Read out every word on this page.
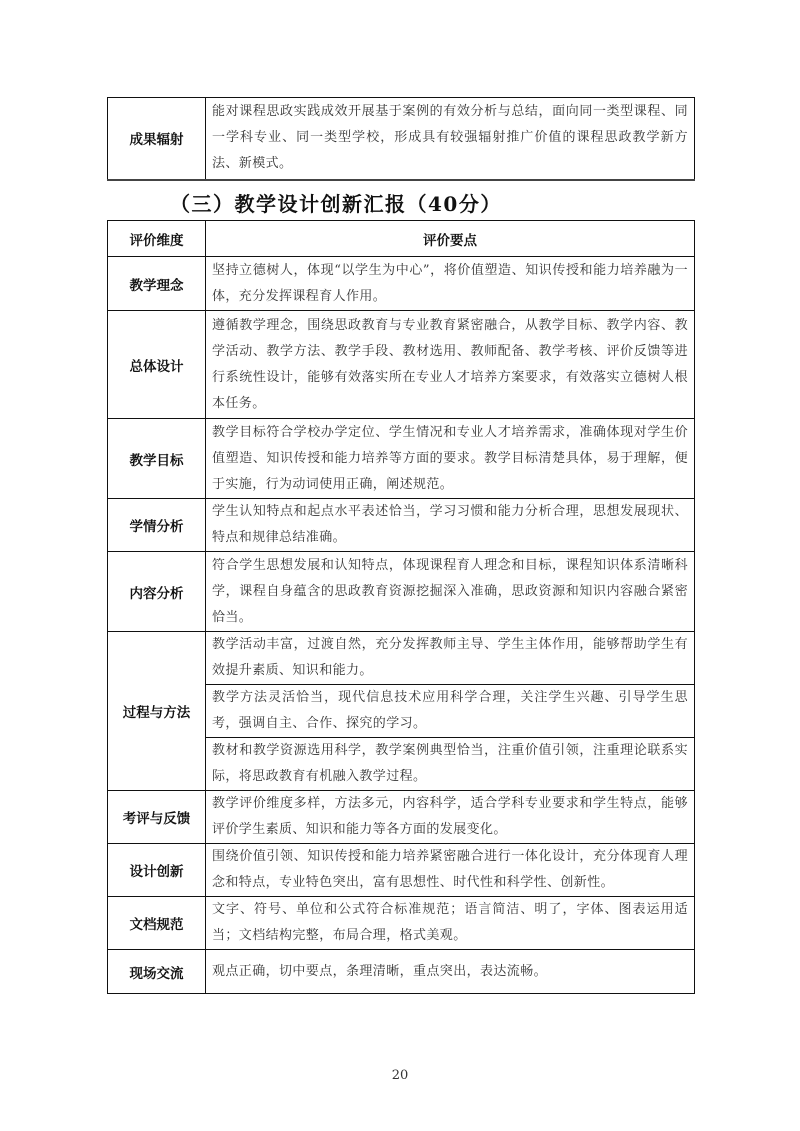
成果辐射	能对课程思政实践成效开展基于案例的有效分析与总结，面向同一类型课程、同一学科专业、同一类型学校，形成具有较强辐射推广价值的课程思政教学新方法、新模式。
（三）教学设计创新汇报（40分）
评价维度	评价要点
教学理念	坚持立德树人，体现“以学生为中心”，将价值塑造、知识传授和能力培养融为一体，充分发挥课程育人作用。
总体设计	遵循教学理念，围绕思政教育与专业教育紧密融合，从教学目标、教学内容、教学活动、教学方法、教学手段、教材选用、教师配备、教学考核、评价反馈等进行系统性设计，能够有效落实所在专业人才培养方案要求，有效落实立德树人根本任务。
教学目标	教学目标符合学校办学定位、学生情况和专业人才培养需求，准确体现对学生价值塑造、知识传授和能力培养等方面的要求。教学目标清楚具体，易于理解，便于实施，行为动词使用正确，阐述规范。
学情分析	学生认知特点和起点水平表述恰当，学习习惯和能力分析合理，思想发展现状、特点和规律总结准确。
内容分析	符合学生思想发展和认知特点，体现课程育人理念和目标，课程知识体系清晰科学，课程自身蕴含的思政教育资源挖掘深入准确，思政资源和知识内容融合紧密恰当。
过程与方法	教学活动丰富，过渡自然，充分发挥教师主导、学生主体作用，能够帮助学生有效提升素质、知识和能力。
	教学方法灵活恰当，现代信息技术应用科学合理，关注学生兴趣、引导学生思考，强调自主、合作、探究的学习。
	教材和教学资源选用科学，教学案例典型恰当，注重价值引领，注重理论联系实际，将思政教育有机融入教学过程。
考评与反馈	教学评价维度多样，方法多元，内容科学，适合学科专业要求和学生特点，能够评价学生素质、知识和能力等各方面的发展变化。
设计创新	围绕价值引领、知识传授和能力培养紧密融合进行一体化设计，充分体现育人理念和特点，专业特色突出，富有思想性、时代性和科学性、创新性。
文档规范	文字、符号、单位和公式符合标准规范；语言简洁、明了，字体、图表运用适当；文档结构完整，布局合理，格式美观。
现场交流	观点正确，切中要点，条理清晰，重点突出，表达流畅。
20
